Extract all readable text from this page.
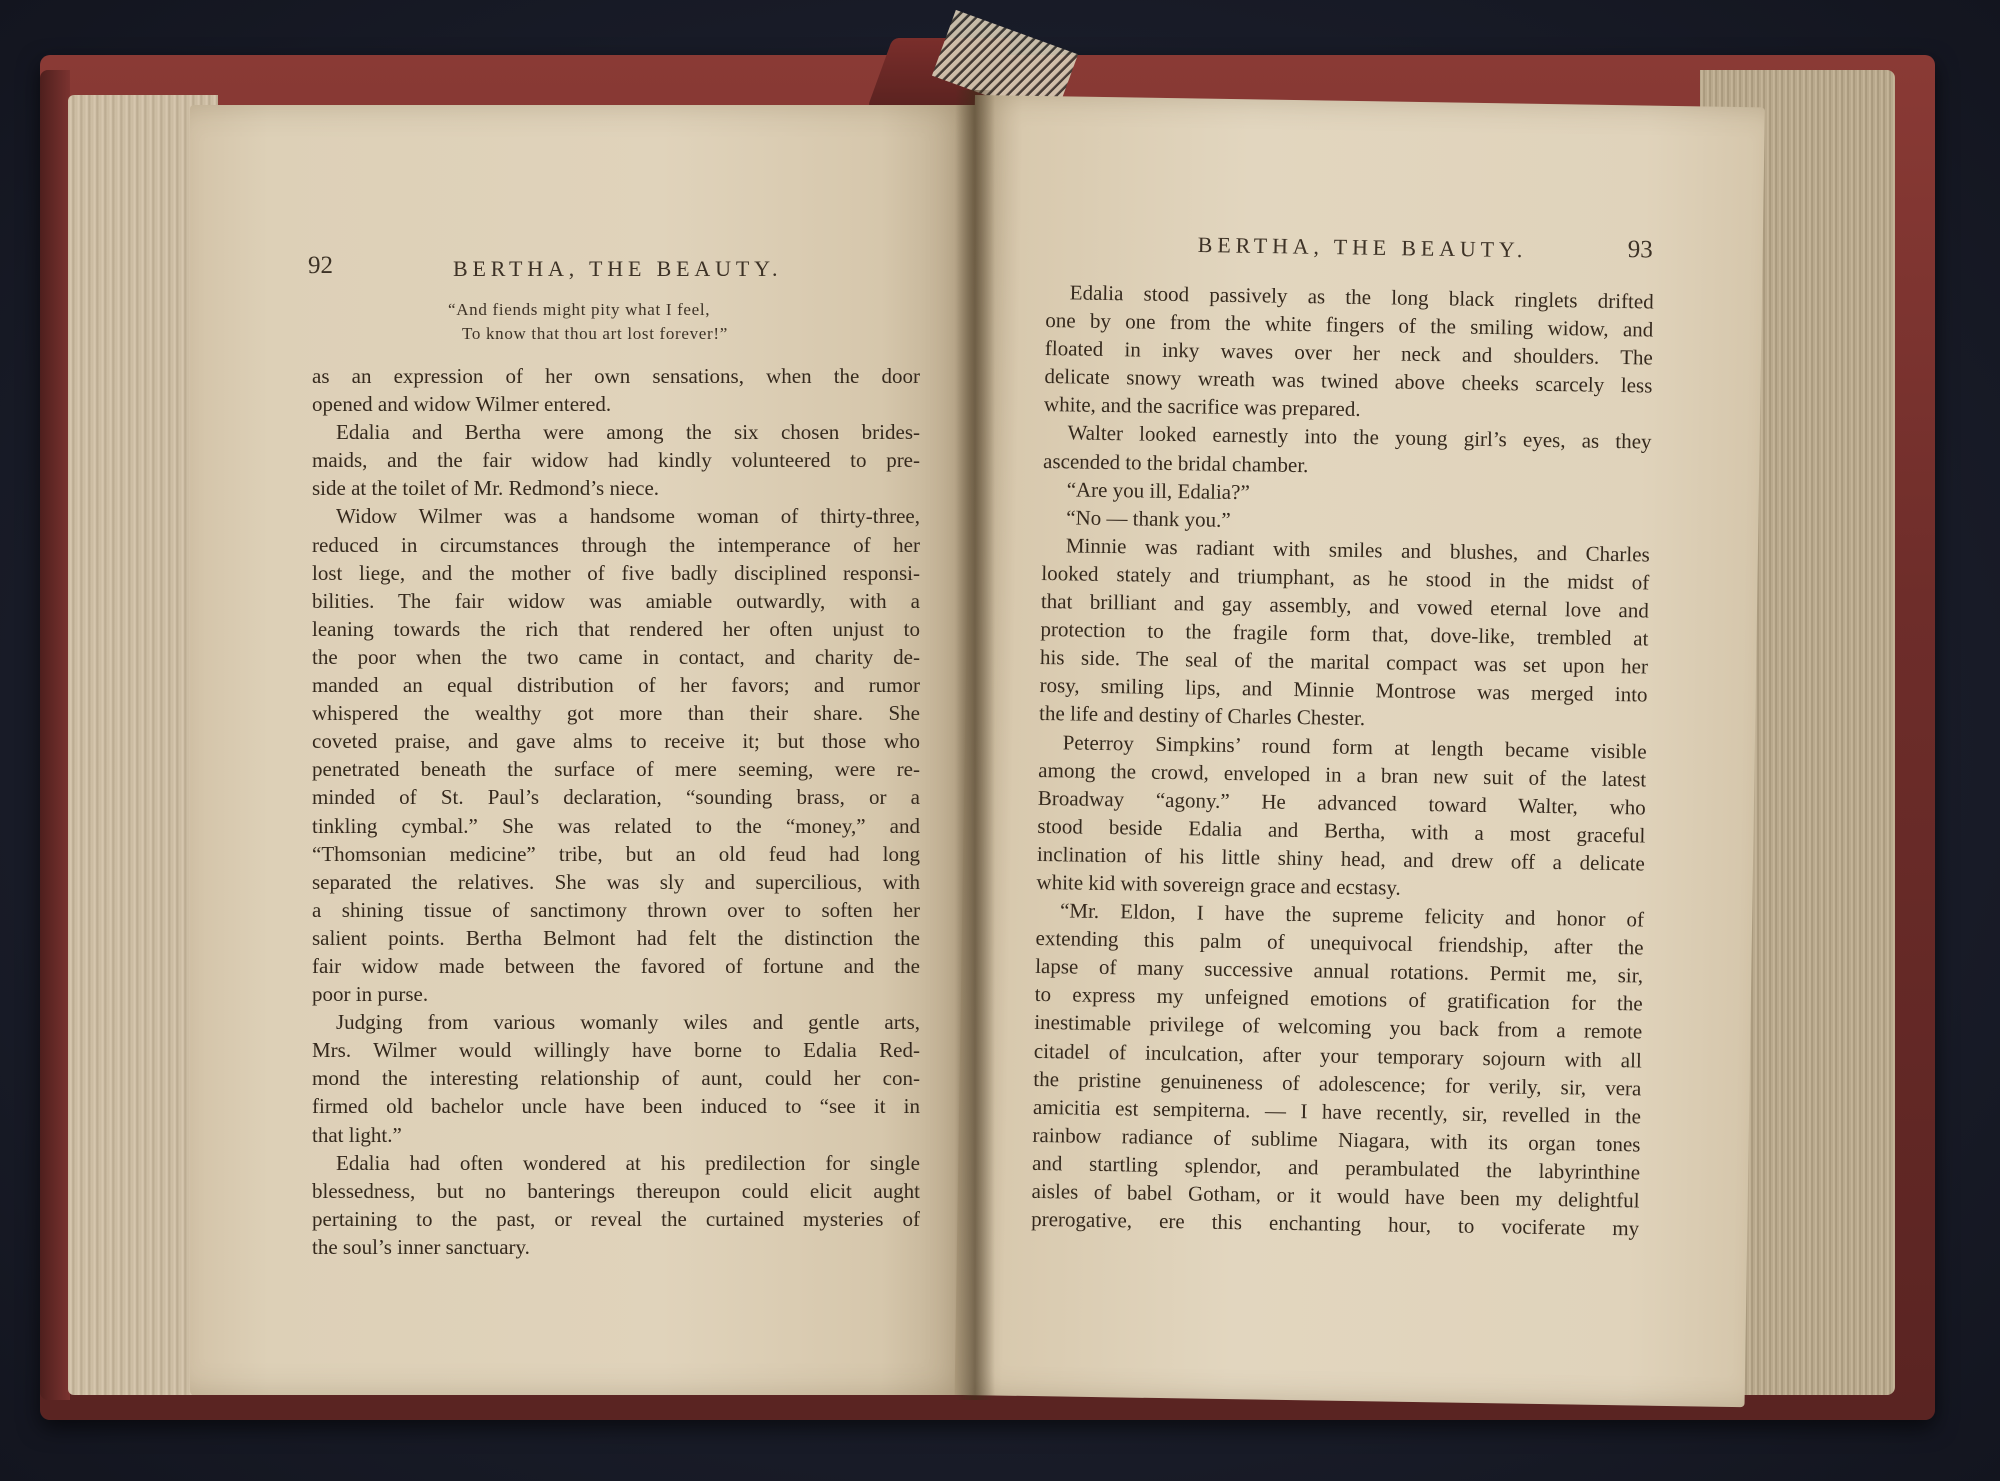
92	BERTHA, THE BEAUTY.
“And fiends might pity what I feel,
To know that thou art lost forever!”
as an expression of her own sensations, when the door
opened and widow Wilmer entered.
Edalia and Bertha were among the six chosen brides-
maids, and the fair widow had kindly volunteered to pre-
side at the toilet of Mr. Redmond’s niece.
Widow Wilmer was a handsome woman of thirty-three,
reduced in circumstances through the intemperance of her
lost liege, and the mother of five badly disciplined responsi-
bilities. The fair widow was amiable outwardly, with a
leaning towards the rich that rendered her often unjust to
the poor when the two came in contact, and charity de-
manded an equal distribution of her favors; and rumor
whispered the wealthy got more than their share. She
coveted praise, and gave alms to receive it; but those who
penetrated beneath the surface of mere seeming, were re-
minded of St. Paul’s declaration, “sounding brass, or a
tinkling cymbal.” She was related to the “money,” and
“Thomsonian medicine” tribe, but an old feud had long
separated the relatives. She was sly and supercilious, with
a shining tissue of sanctimony thrown over to soften her
salient points. Bertha Belmont had felt the distinction the
fair widow made between the favored of fortune and the
poor in purse.
Judging from various womanly wiles and gentle arts,
Mrs. Wilmer would willingly have borne to Edalia Red-
mond the interesting relationship of aunt, could her con-
firmed old bachelor uncle have been induced to “see it in
that light.”
Edalia had often wondered at his predilection for single
blessedness, but no banterings thereupon could elicit aught
pertaining to the past, or reveal the curtained mysteries of
the soul’s inner sanctuary.
BERTHA, THE BEAUTY.	93
Edalia stood passively as the long black ringlets drifted
one by one from the white fingers of the smiling widow, and
floated in inky waves over her neck and shoulders. The
delicate snowy wreath was twined above cheeks scarcely less
white, and the sacrifice was prepared.
Walter looked earnestly into the young girl’s eyes, as they
ascended to the bridal chamber.
“Are you ill, Edalia?”
“No — thank you.”
Minnie was radiant with smiles and blushes, and Charles
looked stately and triumphant, as he stood in the midst of
that brilliant and gay assembly, and vowed eternal love and
protection to the fragile form that, dove-like, trembled at
his side. The seal of the marital compact was set upon her
rosy, smiling lips, and Minnie Montrose was merged into
the life and destiny of Charles Chester.
Peterroy Simpkins’ round form at length became visible
among the crowd, enveloped in a bran new suit of the latest
Broadway “agony.” He advanced toward Walter, who
stood beside Edalia and Bertha, with a most graceful
inclination of his little shiny head, and drew off a delicate
white kid with sovereign grace and ecstasy.
“Mr. Eldon, I have the supreme felicity and honor of
extending this palm of unequivocal friendship, after the
lapse of many successive annual rotations. Permit me, sir,
to express my unfeigned emotions of gratification for the
inestimable privilege of welcoming you back from a remote
citadel of inculcation, after your temporary sojourn with all
the pristine genuineness of adolescence; for verily, sir, vera
amicitia est sempiterna. — I have recently, sir, revelled in the
rainbow radiance of sublime Niagara, with its organ tones
and startling splendor, and perambulated the labyrinthine
aisles of babel Gotham, or it would have been my delightful
prerogative, ere this enchanting hour, to vociferate my
